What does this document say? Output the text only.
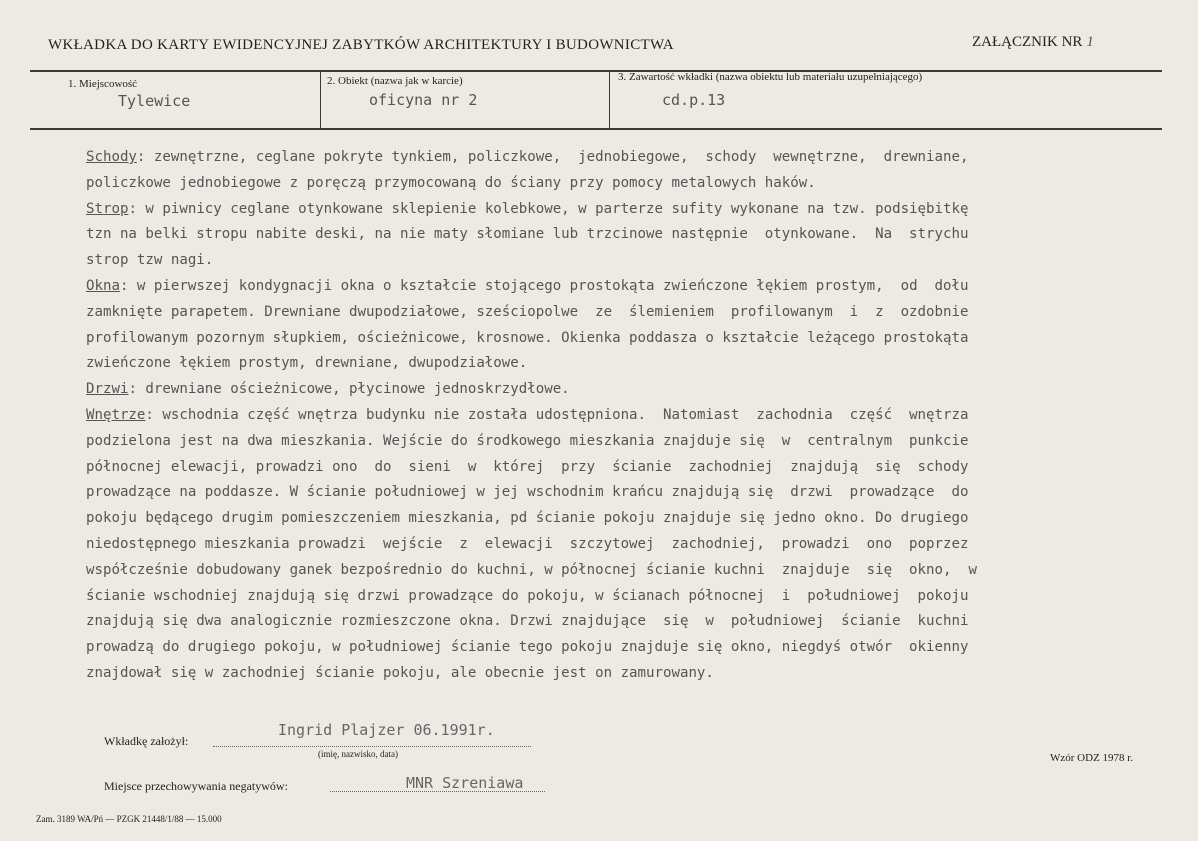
WKŁADKA DO KARTY EWIDENCYJNEJ ZABYTKÓW ARCHITEKTURY I BUDOWNICTWA	ZAŁĄCZNIK NR 1
1. Miejscowość
Tylewice
2. Obiekt (nazwa jak w karcie)
oficyna nr 2
3. Zawartość wkładki (nazwa obiektu lub materiału uzupełniającego)
cd.p.13
Schody: zewnętrzne, ceglane pokryte tynkiem, policzkowe,  jednobiegowe,  schody  wewnętrzne,  drewniane,
policzkowe jednobiegowe z poręczą przymocowaną do ściany przy pomocy metalowych haków.
Strop: w piwnicy ceglane otynkowane sklepienie kolebkowe, w parterze sufity wykonane na tzw. podsiębitkę
tzn na belki stropu nabite deski, na nie maty słomiane lub trzcinowe następnie  otynkowane.  Na  strychu
strop tzw nagi.
Okna: w pierwszej kondygnacji okna o kształcie stojącego prostokąta zwieńczone łękiem prostym,  od  dołu
zamknięte parapetem. Drewniane dwupodziałowe, sześciopolwe  ze  ślemieniem  profilowanym  i  z  ozdobnie
profilowanym pozornym słupkiem, ościeżnicowe, krosnowe. Okienka poddasza o kształcie leżącego prostokąta
zwieńczone łękiem prostym, drewniane, dwupodziałowe.
Drzwi: drewniane ościeżnicowe, płycinowe jednoskrzydłowe.
Wnętrze: wschodnia część wnętrza budynku nie została udostępniona.  Natomiast  zachodnia  część  wnętrza
podzielona jest na dwa mieszkania. Wejście do środkowego mieszkania znajduje się  w  centralnym  punkcie
północnej elewacji, prowadzi ono  do  sieni  w  której  przy  ścianie  zachodniej  znajdują  się  schody
prowadzące na poddasze. W ścianie południowej w jej wschodnim krańcu znajdują się  drzwi  prowadzące  do
pokoju będącego drugim pomieszczeniem mieszkania, pd ścianie pokoju znajduje się jedno okno. Do drugiego
niedostępnego mieszkania prowadzi  wejście  z  elewacji  szczytowej  zachodniej,  prowadzi  ono  poprzez
współcześnie dobudowany ganek bezpośrednio do kuchni, w północnej ścianie kuchni  znajduje  się  okno,  w
ścianie wschodniej znajdują się drzwi prowadzące do pokoju, w ścianach północnej  i  południowej  pokoju
znajdują się dwa analogicznie rozmieszczone okna. Drzwi znajdujące  się  w  południowej  ścianie  kuchni
prowadzą do drugiego pokoju, w południowej ścianie tego pokoju znajduje się okno, niegdyś otwór  okienny
znajdował się w zachodniej ścianie pokoju, ale obecnie jest on zamurowany.
Wkładkę założył:
Ingrid Plajzer 06.1991r.
(imię, nazwisko, data)
Miejsce przechowywania negatywów:	MNR Szreniawa
Wzór ODZ 1978 r.
Zam. 3189 WA/Pń — PZGK 21448/1/88 — 15.000
